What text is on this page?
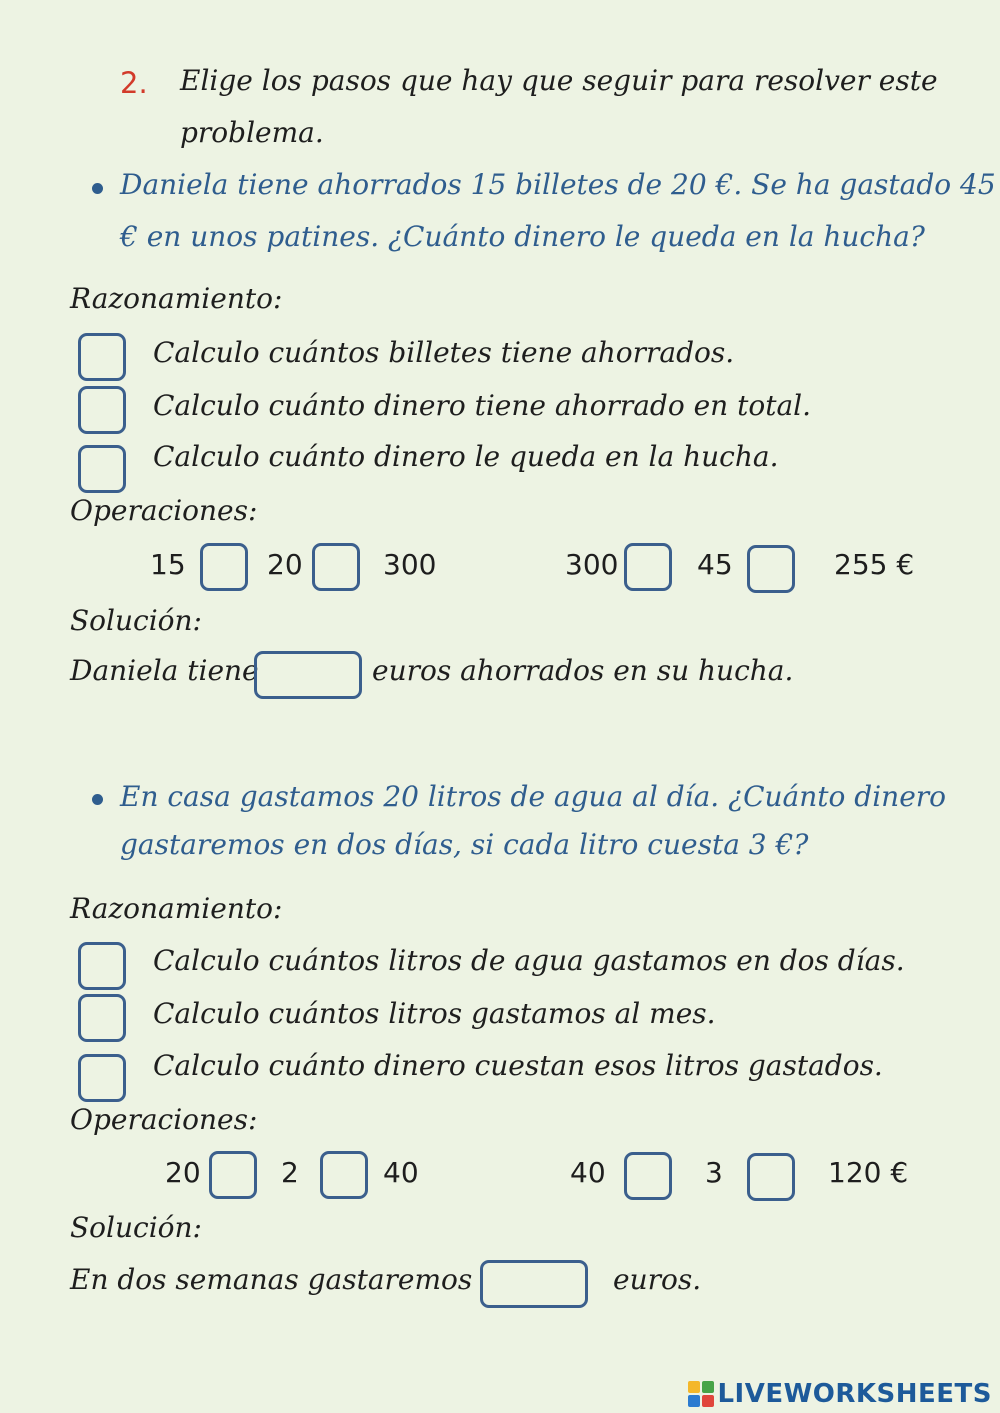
2. Elige los pasos que hay que seguir para resolver este
problema.
Daniela tiene ahorrados 15 billetes de 20 €. Se ha gastado 45
€ en unos patines. ¿Cuánto dinero le queda en la hucha?
Razonamiento:
Calculo cuántos billetes tiene ahorrados.
Calculo cuánto dinero tiene ahorrado en total.
Calculo cuánto dinero le queda en la hucha.
Operaciones:
15	20	300	300	45	255 €
Solución:
Daniela tiene	euros ahorrados en su hucha.
En casa gastamos 20 litros de agua al día. ¿Cuánto dinero
gastaremos en dos días, si cada litro cuesta 3 €?
Razonamiento:
Calculo cuántos litros de agua gastamos en dos días.
Calculo cuántos litros gastamos al mes.
Calculo cuánto dinero cuestan esos litros gastados.
Operaciones:
20	2	40	40	3	120 €
Solución:
En dos semanas gastaremos	euros.
LIVEWORKSHEETS
